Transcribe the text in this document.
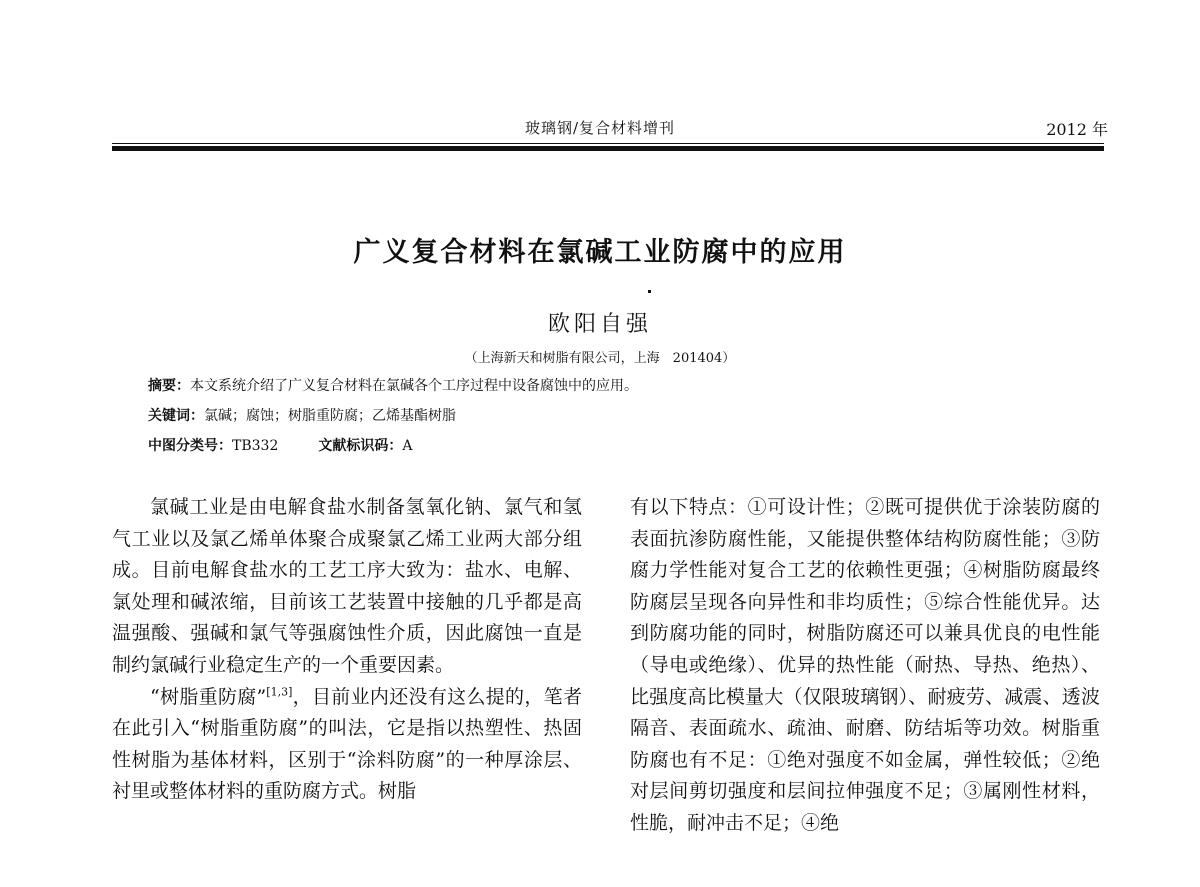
玻璃钢/复合材料增刊	2012 年
广义复合材料在氯碱工业防腐中的应用
欧阳自强
（上海新天和树脂有限公司，上海　201404）
摘要：本文系统介绍了广义复合材料在氯碱各个工序过程中设备腐蚀中的应用。
关键词：氯碱；腐蚀；树脂重防腐；乙烯基酯树脂
中图分类号：TB332	文献标识码：A

氯碱工业是由电解食盐水制备氢氧化钠、氯气和氢气工业以及氯乙烯单体聚合成聚氯乙烯工业两大部分组成。目前电解食盐水的工艺工序大致为：盐水、电解、氯处理和碱浓缩，目前该工艺装置中接触的几乎都是高温强酸、强碱和氯气等强腐蚀性介质，因此腐蚀一直是制约氯碱行业稳定生产的一个重要因素。

“树脂重防腐”[1,3]，目前业内还没有这么提的，笔者在此引入“树脂重防腐”的叫法，它是指以热塑性、热固性树脂为基体材料，区别于“涂料防腐”的一种厚涂层、衬里或整体材料的重防腐方式。树脂

有以下特点：①可设计性；②既可提供优于涂装防腐的表面抗渗防腐性能，又能提供整体结构防腐性能；③防腐力学性能对复合工艺的依赖性更强；④树脂防腐最终防腐层呈现各向异性和非均质性；⑤综合性能优异。达到防腐功能的同时，树脂防腐还可以兼具优良的电性能（导电或绝缘）、优异的热性能（耐热、导热、绝热）、比强度高比模量大（仅限玻璃钢）、耐疲劳、减震、透波隔音、表面疏水、疏油、耐磨、防结垢等功效。树脂重防腐也有不足：①绝对强度不如金属，弹性较低；②绝对层间剪切强度和层间拉伸强度不足；③属刚性材料，性脆，耐冲击不足；④绝
